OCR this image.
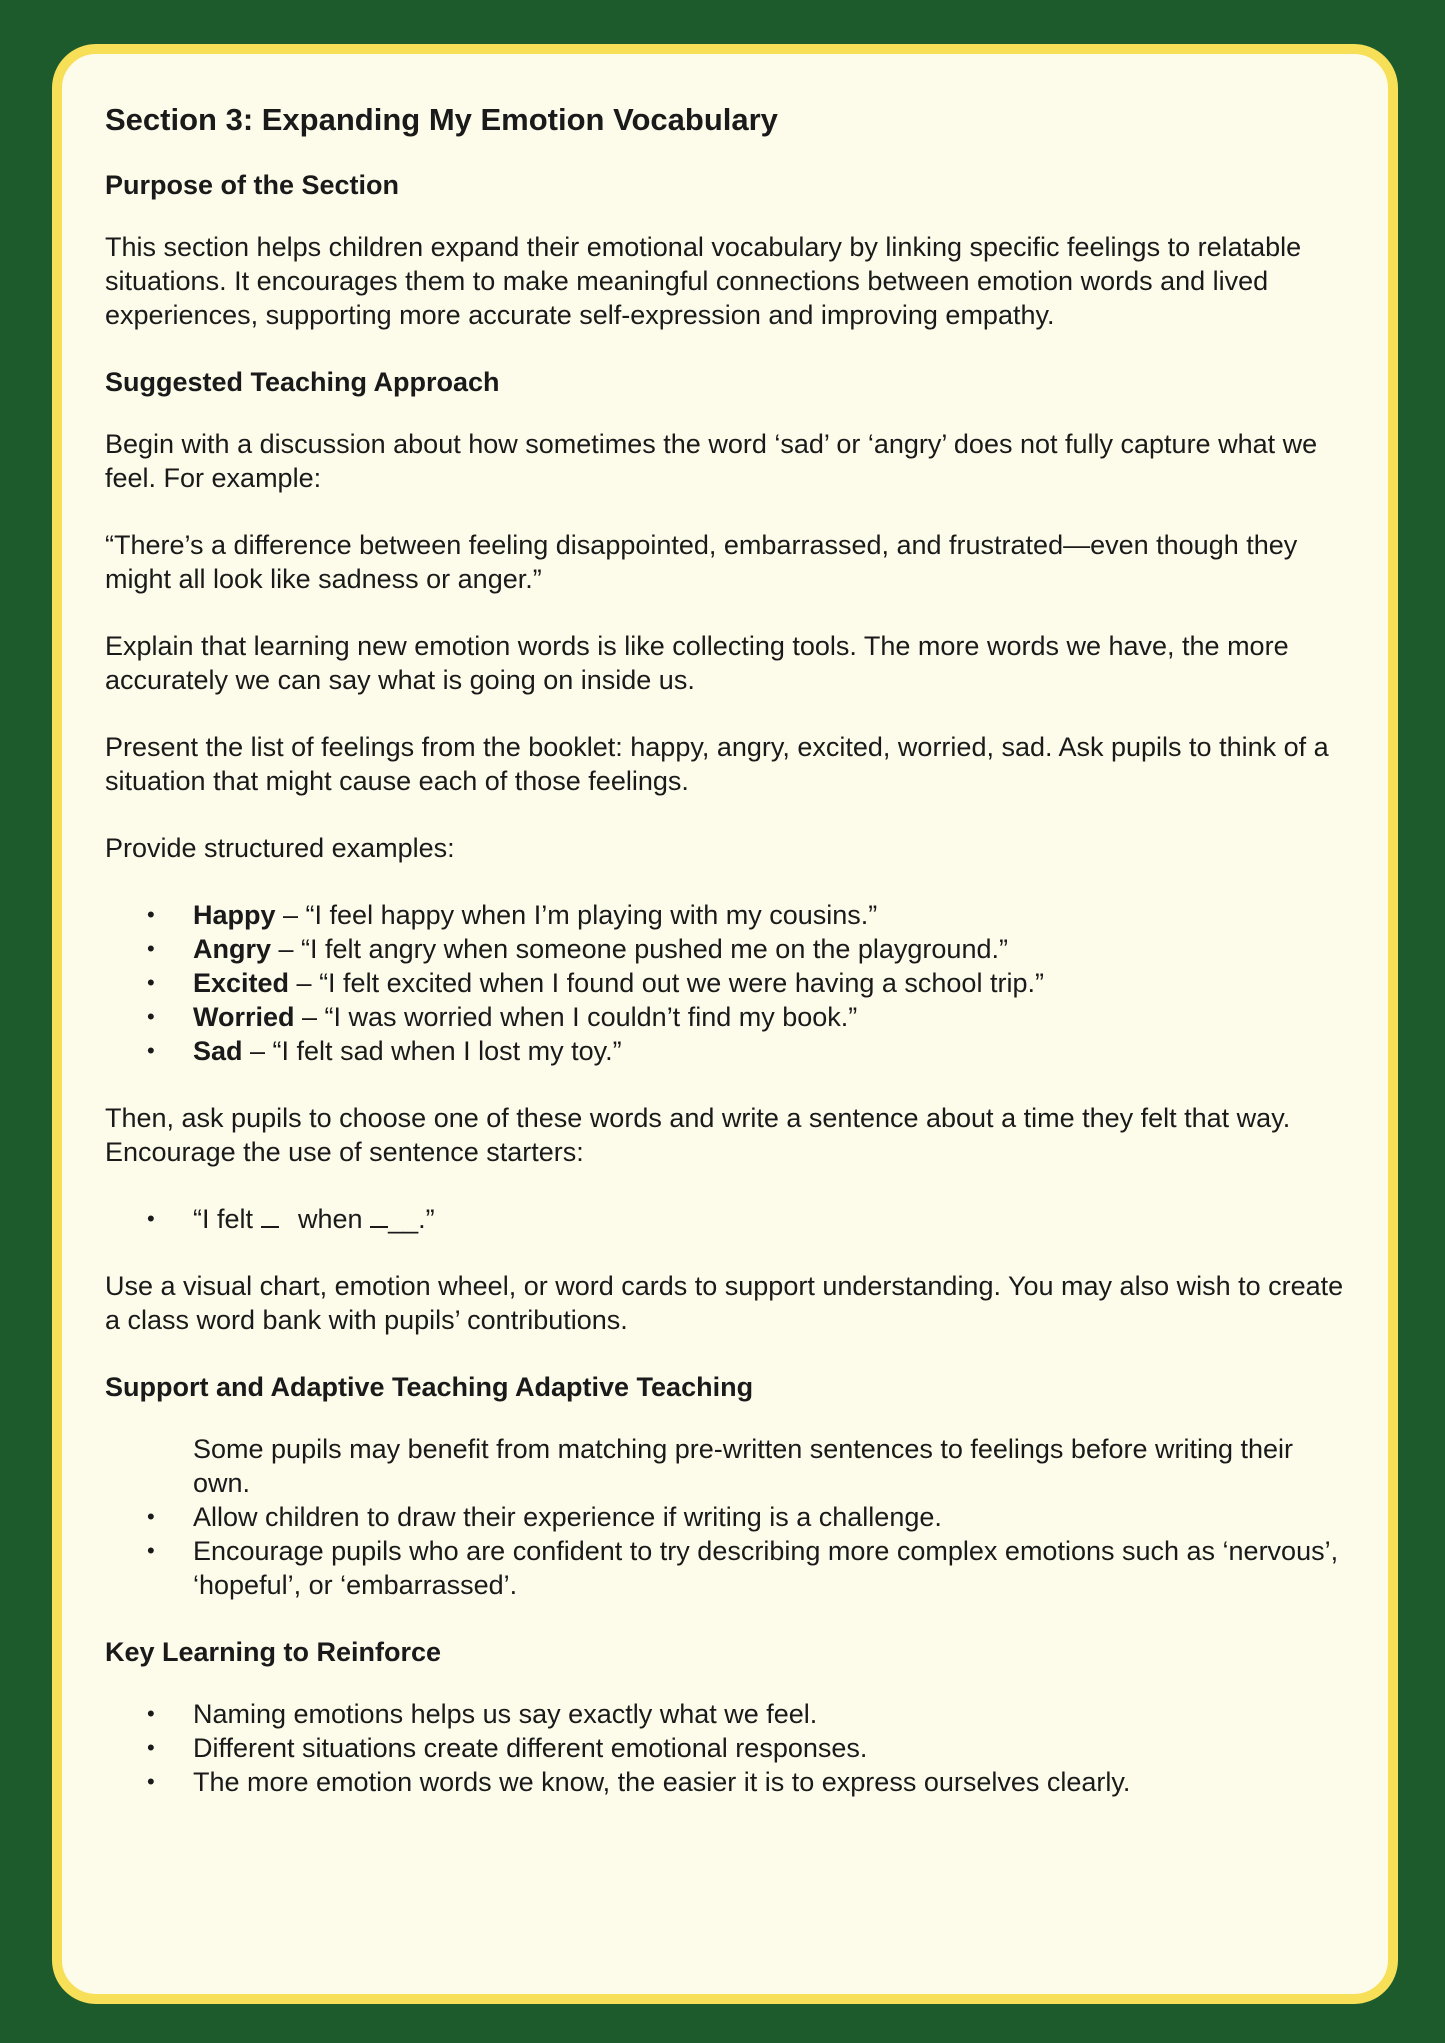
Section 3: Expanding My Emotion Vocabulary
Purpose of the Section

This section helps children expand their emotional vocabulary by linking specific feelings to relatable situations. It encourages them to make meaningful connections between emotion words and lived experiences, supporting more accurate self-expression and improving empathy.

Suggested Teaching Approach

Begin with a discussion about how sometimes the word ‘sad’ or ‘angry’ does not fully capture what we feel. For example:

“There’s a difference between feeling disappointed, embarrassed, and frustrated—even though they might all look like sadness or anger.”

Explain that learning new emotion words is like collecting tools. The more words we have, the more accurately we can say what is going on inside us.

Present the list of feelings from the booklet: happy, angry, excited, worried, sad. Ask pupils to think of a situation that might cause each of those feelings.

Provide structured examples:

• Happy – “I feel happy when I’m playing with my cousins.”
• Angry – “I felt angry when someone pushed me on the playground.”
• Excited – “I felt excited when I found out we were having a school trip.”
• Worried – “I was worried when I couldn’t find my book.”
• Sad – “I felt sad when I lost my toy.”

Then, ask pupils to choose one of these words and write a sentence about a time they felt that way. Encourage the use of sentence starters:

• “I felt  when __.”

Use a visual chart, emotion wheel, or word cards to support understanding. You may also wish to create a class word bank with pupils’ contributions.

Support and Adaptive Teaching Adaptive Teaching
Some pupils may benefit from matching pre-written sentences to feelings before writing their own.
• Allow children to draw their experience if writing is a challenge.
• Encourage pupils who are confident to try describing more complex emotions such as ‘nervous’, ‘hopeful’, or ‘embarrassed’.
Key Learning to Reinforce
• Naming emotions helps us say exactly what we feel.
• Different situations create different emotional responses.
• The more emotion words we know, the easier it is to express ourselves clearly.
